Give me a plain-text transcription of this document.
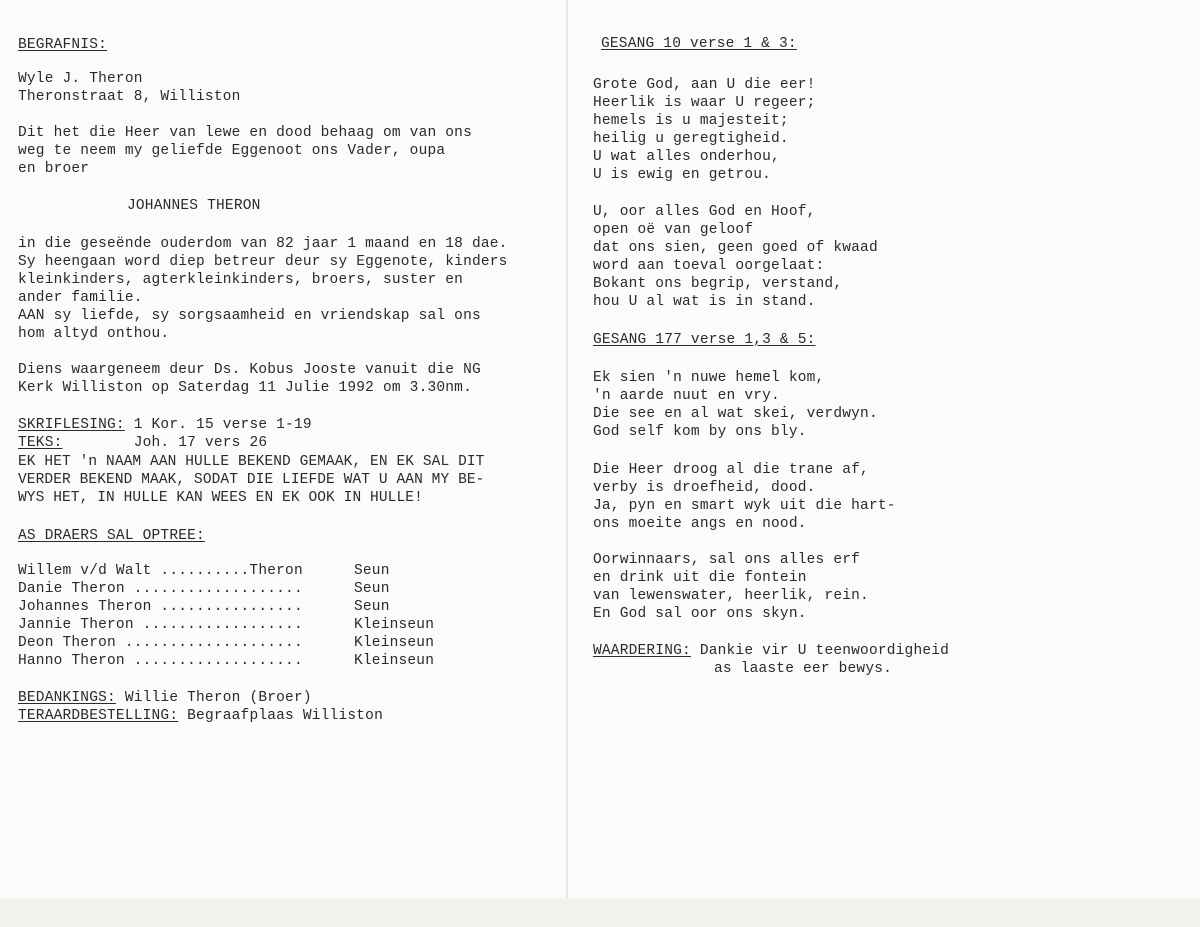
BEGRAFNIS:
Wyle J. Theron
Theronstraat 8, Williston
Dit het die Heer van lewe en dood behaag om van ons
weg te neem my geliefde Eggenoot ons Vader, oupa
en broer
JOHANNES THERON
in die geseënde ouderdom van 82 jaar 1 maand en 18 dae.
Sy heengaan word diep betreur deur sy Eggenote, kinders
kleinkinders, agterkleinkinders, broers, suster en
ander familie.
AAN sy liefde, sy sorgsaamheid en vriendskap sal ons
hom altyd onthou.
Diens waargeneem deur Ds. Kobus Jooste vanuit die NG
Kerk Williston op Saterdag 11 Julie 1992 om 3.30nm.
SKRIFLESING: 1 Kor. 15 verse 1-19
TEKS:        Joh. 17 vers 26
EK HET 'n NAAM AAN HULLE BEKEND GEMAAK, EN EK SAL DIT
VERDER BEKEND MAAK, SODAT DIE LIEFDE WAT U AAN MY BE-
WYS HET, IN HULLE KAN WEES EN EK OOK IN HULLE!
AS DRAERS SAL OPTREE:
Willem v/d Walt ..........Theron	Seun
Danie Theron ...................	Seun
Johannes Theron ................	Seun
Jannie Theron ..................	Kleinseun
Deon Theron ....................	Kleinseun
Hanno Theron ...................	Kleinseun
BEDANKINGS: Willie Theron (Broer)
TERAARDBESTELLING: Begraafplaas Williston
GESANG 10 verse 1 & 3:
Grote God, aan U die eer!
Heerlik is waar U regeer;
hemels is u majesteit;
heilig u geregtigheid.
U wat alles onderhou,
U is ewig en getrou.
U, oor alles God en Hoof,
open oë van geloof
dat ons sien, geen goed of kwaad
word aan toeval oorgelaat:
Bokant ons begrip, verstand,
hou U al wat is in stand.
GESANG 177 verse 1,3 & 5:
Ek sien 'n nuwe hemel kom,
'n aarde nuut en vry.
Die see en al wat skei, verdwyn.
God self kom by ons bly.
Die Heer droog al die trane af,
verby is droefheid, dood.
Ja, pyn en smart wyk uit die hart-
ons moeite angs en nood.
Oorwinnaars, sal ons alles erf
en drink uit die fontein
van lewenswater, heerlik, rein.
En God sal oor ons skyn.
WAARDERING: Dankie vir U teenwoordigheid
as laaste eer bewys.
